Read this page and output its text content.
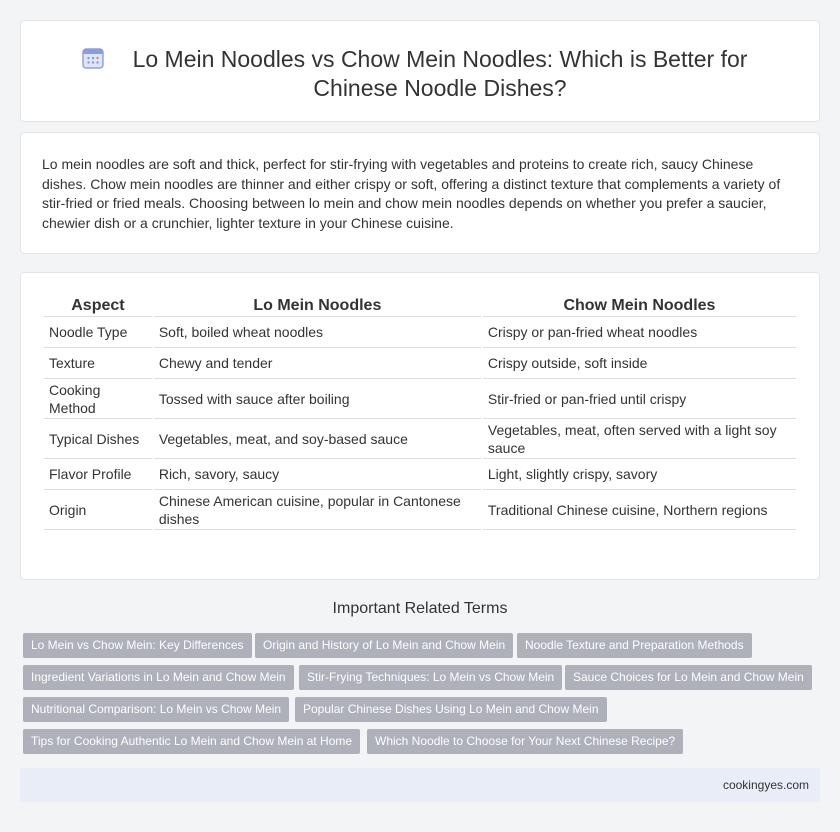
Lo Mein Noodles vs Chow Mein Noodles: Which is Better for Chinese Noodle Dishes?

Lo mein noodles are soft and thick, perfect for stir-frying with vegetables and proteins to create rich, saucy Chinese dishes. Chow mein noodles are thinner and either crispy or soft, offering a distinct texture that complements a variety of stir-fried or fried meals. Choosing between lo mein and chow mein noodles depends on whether you prefer a saucier, chewier dish or a crunchier, lighter texture in your Chinese cuisine.

Aspect	Lo Mein Noodles	Chow Mein Noodles
Noodle Type	Soft, boiled wheat noodles	Crispy or pan-fried wheat noodles
Texture	Chewy and tender	Crispy outside, soft inside
Cooking Method	Tossed with sauce after boiling	Stir-fried or pan-fried until crispy
Typical Dishes	Vegetables, meat, and soy-based sauce	Vegetables, meat, often served with a light soy sauce
Flavor Profile	Rich, savory, saucy	Light, slightly crispy, savory
Origin	Chinese American cuisine, popular in Cantonese dishes	Traditional Chinese cuisine, Northern regions
Important Related Terms
Lo Mein vs Chow Mein: Key Differences	Origin and History of Lo Mein and Chow Mein	Noodle Texture and Preparation Methods
Ingredient Variations in Lo Mein and Chow Mein	Stir-Frying Techniques: Lo Mein vs Chow Mein	Sauce Choices for Lo Mein and Chow Mein
Nutritional Comparison: Lo Mein vs Chow Mein	Popular Chinese Dishes Using Lo Mein and Chow Mein
Tips for Cooking Authentic Lo Mein and Chow Mein at Home	Which Noodle to Choose for Your Next Chinese Recipe?
cookingyes.com
